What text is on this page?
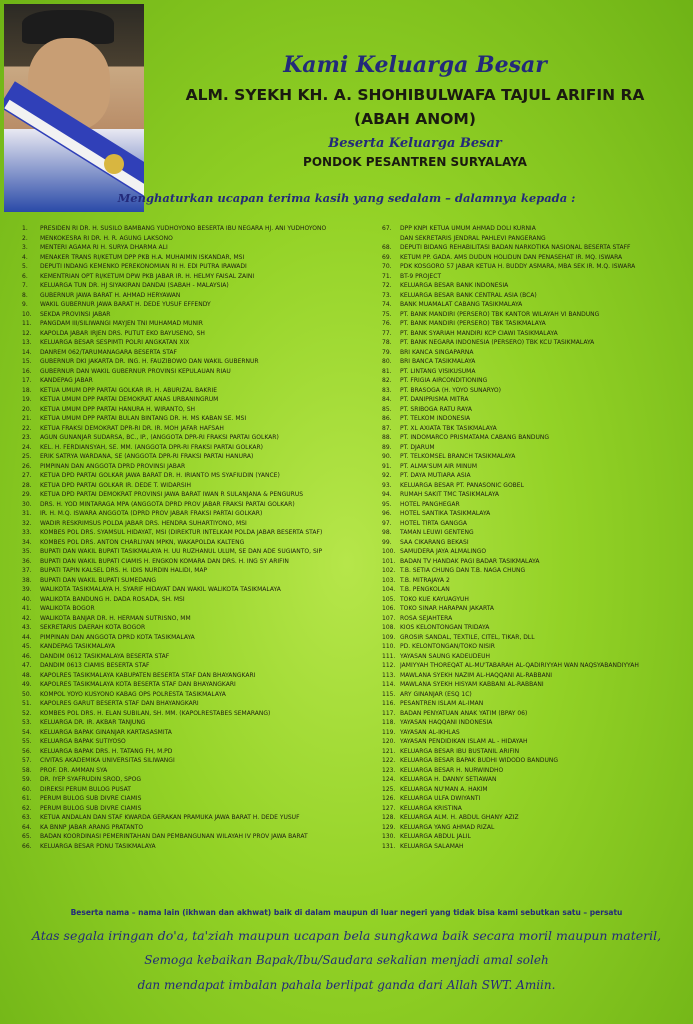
Kami Keluarga Besar
ALM. SYEKH KH. A. SHOHIBULWAFA TAJUL ARIFIN RA
(ABAH ANOM)
Beserta Keluarga Besar
PONDOK PESANTREN SURYALAYA
Menghaturkan ucapan terima kasih yang sedalam – dalamnya kepada :
1.	PRESIDEN RI DR. H. SUSILO BAMBANG YUDHOYONO BESERTA IBU NEGARA HJ. ANI YUDHOYONO
2.	MENKOKESRA RI DR. H. R. AGUNG LAKSONO
3.	MENTERI AGAMA RI H. SURYA DHARMA ALI
4.	MENAKER TRANS RI/KETUM DPP PKB H.A. MUHAIMIN ISKANDAR, MSI
5.	DEPUTI INDANG KEMENKO PEREKONOMIAN RI H. EDI PUTRA IRAWADI
6.	KEMENTRIAN OPT RI/KETUM DPW PKB JABAR IR. H. HELMY FAISAL ZAINI
7.	KELUARGA TUN DR. HJ SIYAKIRAN DANDAI (SABAH - MALAYSIA)
8.	GUBERNUR JAWA BARAT H. AHMAD HERYAWAN
9.	WAKIL GUBERNUR JAWA BARAT H. DEDE YUSUF EFFENDY
10.	SEKDA PROVINSI JABAR
11.	PANGDAM III/SILIWANGI MAYJEN TNI MUHAMAD MUNIR
12.	KAPOLDA JABAR IRJEN DRS. PUTUT EKO BAYUSENO, SH
13.	KELUARGA BESAR SESPIMTI POLRI ANGKATAN XIX
14.	DANREM 062/TARUMANAGARA BESERTA STAF
15.	GUBERNUR DKI JAKARTA DR. ING. H. FAUZIBOWO DAN WAKIL GUBERNUR
16.	GUBERNUR DAN WAKIL GUBERNUR PROVINSI KEPULAUAN RIAU
17.	KANDEPAG JABAR
18.	KETUA UMUM DPP PARTAI GOLKAR IR. H. ABURIZAL BAKRIE
19.	KETUA UMUM DPP PARTAI DEMOKRAT ANAS URBANINGRUM
20.	KETUA UMUM DPP PARTAI HANURA H. WIRANTO, SH
21.	KETUA UMUM DPP PARTAI BULAN BINTANG DR. H. MS KABAN SE. MSI
22.	KETUA FRAKSI DEMOKRAT DPR-RI DR. IR. MOH JAFAR HAFSAH
23.	AGUN GUNANJAR SUDARSA, BC., IP., (ANGGOTA DPR-RI FRAKSI PARTAI GOLKAR)
24.	KEL. H. FERDIANSYAH, SE. MM. (ANGGOTA DPR-RI FRAKSI PARTAI GOLKAR)
25.	ERIK SATRYA WARDANA, SE (ANGGOTA DPR-RI FRAKSI PARTAI HANURA)
26.	PIMPINAN DAN ANGGOTA DPRD PROVINSI JABAR
27.	KETUA DPD PARTAI GOLKAR JAWA BARAT DR. H. IRIANTO MS SYAFIUDIN (YANCE)
28.	KETUA DPD PARTAI GOLKAR IR. DEDE T. WIDARSIH
29.	KETUA DPD PARTAI DEMOKRAT PROVINSI JAWA BARAT IWAN R SULANJANA & PENGURUS
30.	DRS. H. YOD MINTARAGA MPA (ANGGOTA DPRD PROV JABAR FRAKSI PARTAI GOLKAR)
31.	IR. H. M.Q. ISWARA ANGGOTA (DPRD PROV JABAR FRAKSI PARTAI GOLKAR)
32.	WADIR RESKRIMSUS POLDA JABAR DRS. HENDRA SUHARTIYONO, MSI
33.	KOMBES POL DRS. SYAMSUL HIDAYAT, MSI (DIREKTUR INTELKAM POLDA JABAR BESERTA STAF)
34.	KOMBES POL DRS. ANTON CHARLIYAN MPKN, WAKAPOLDA KALTENG
35.	BUPATI DAN WAKIL BUPATI TASIKMALAYA H. UU RUZHANUL ULUM, SE DAN ADE SUGIANTO, SIP
36.	BUPATI DAN WAKIL BUPATI CIAMIS H. ENGKON KOMARA DAN DRS. H. ING SY ARIFIN
37.	BUPATI TAPIN KALSEL DRS. H. IDIS NURDIN HALIDI, MAP
38.	BUPATI DAN WAKIL BUPATI SUMEDANG
39.	WALIKOTA TASIKMALAYA H. SYARIF HIDAYAT DAN WAKIL WALIKOTA TASIKMALAYA
40.	WALIKOTA BANDUNG H. DADA ROSADA, SH. MSI
41.	WALIKOTA BOGOR
42.	WALIKOTA BANJAR DR. H. HERMAN SUTRISNO, MM
43.	SEKRETARIS DAERAH KOTA BOGOR
44.	PIMPINAN DAN ANGGOTA DPRD KOTA TASIKMALAYA
45.	KANDEPAG TASIKMALAYA
46.	DANDIM 0612 TASIKMALAYA BESERTA STAF
47.	DANDIM 0613 CIAMIS BESERTA STAF
48.	KAPOLRES TASIKMALAYA KABUPATEN BESERTA STAF DAN BHAYANGKARI
49.	KAPOLRES TASIKMALAYA KOTA BESERTA STAF DAN BHAYANGKARI
50.	KOMPOL YOYO KUSYONO KABAG OPS POLRESTA TASIKMALAYA
51.	KAPOLRES GARUT BESERTA STAF DAN BHAYANGKARI
52.	KOMBES POL DRS. H. ELAN SUBILAN, SH. MM. (KAPOLRESTABES SEMARANG)
53.	KELUARGA DR. IR. AKBAR TANJUNG
54.	KELUARGA BAPAK GINANJAR KARTASASMITA
55.	KELUARGA BAPAK SUTIYOSO
56.	KELUARGA BAPAK DRS. H. TATANG FH, M.PD
57.	CIVITAS AKADEMIKA UNIVERSITAS SILIWANGI
58.	PROF. DR. AMMAN SYA
59.	DR. IYEP SYAFRUDIN SROD, SPOG
60.	DIREKSI PERUM BULOG PUSAT
61.	PERUM BULOG SUB DIVRE CIAMIS
62.	PERUM BULOG SUB DIVRE CIAMIS
63.	KETUA ANDALAN DAN STAF KWARDA GERAKAN PRAMUKA JAWA BARAT H. DEDE YUSUF
64.	KA BNNP JABAR ARANG PRATANTO
65.	BADAN KOORDINASI PEMERINTAHAN DAN PEMBANGUNAN WILAYAH IV PROV JAWA BARAT
66.	KELUARGA BESAR PDNU TASIKMALAYA
67.	DPP KNPI KETUA UMUM AHMAD DOLI KURNIA
DAN SEKRETARIS JENDRAL PAHLEVI PANGERANG
68.	DEPUTI BIDANG REHABILITASI BADAN NARKOTIKA NASIONAL BESERTA STAFF
69.	KETUM PP. GADA. AMS DUDUN HOLIDUN DAN PENASEHAT IR. MQ. ISWARA
70.	PDK KOSGORO 57 JABAR KETUA H. BUDDY ASMARA, MBA SEK IR. M.Q. ISWARA
71.	BT-9 PROJECT
72.	KELUARGA BESAR BANK INDONESIA
73.	KELUARGA BESAR BANK CENTRAL ASIA (BCA)
74.	BANK MUAMALAT CABANG TASIKMALAYA
75.	PT. BANK MANDIRI (PERSERO) TBK KANTOR WILAYAH VI BANDUNG
76.	PT. BANK MANDIRI (PERSERO) TBK TASIKMALAYA
77.	PT. BANK SYARIAH MANDIRI KCP CIAWI TASIKMALAYA
78.	PT. BANK NEGARA INDONESIA (PERSERO) TBK KCU TASIKMALAYA
79.	BRI KANCA SINGAPARNA
80.	BRI BANCA TASIKMALAYA
81.	PT. LINTANG VISIKUSUMA
82.	PT. FRIGIA AIRCONDITIONING
83.	PT. BRASOGA (H. YOYO SUNARYO)
84.	PT. DANIPRISMA MITRA
85.	PT. SRIBOGA RATU RAYA
86.	PT. TELKOM INDONESIA
87.	PT. XL AXIATA TBK TASIKMALAYA
88.	PT. INDOMARCO PRISMATAMA CABANG BANDUNG
89.	PT. DJARUM
90.	PT. TELKOMSEL BRANCH TASIKMALAYA
91.	PT. ALMA'SUM AIR MINUM
92.	PT. DAYA MUTIARA ASIA
93.	KELUARGA BESAR PT. PANASONIC GOBEL
94.	RUMAH SAKIT TMC TASIKMALAYA
95.	HOTEL PANGHEGAR
96.	HOTEL SANTIKA TASIKMALAYA
97.	HOTEL TIRTA GANGGA
98.	TAMAN LEUWI GENTENG
99.	SAA CIKARANG BEKASI
100. SAMUDERA JAYA ALMALINGO
101. BADAN TV HANDAK PAGI BADAR TASIKMALAYA
102. T.B. SETIA CHUNG DAN T.B. NAGA CHUNG
103. T.B. MITRAJAYA 2
104. T.B. PENGKOLAN
105. TOKO KUE KAYUAGYUH
106. TOKO SINAR HARAPAN JAKARTA
107. ROSA SEJAHTERA
108. KIOS KELONTONGAN TRIDAYA
109. GROSIR SANDAL, TEXTILE, CITEL, TIKAR, DLL
110. PD. KELONTONGAN/TOKO NISIR
111. YAYASAN SAUNG KADEUDEUH
112. JAMIYYAH THOREQAT AL-MU'TABARAH AL-QADIRIYYAH WAN NAQSYABANDIYYAH
113. MAWLANA SYEKH NAZIM AL-HAQQANI AL-RABBANI
114. MAWLANA SYEKH HISYAM KABBANI AL-RABBANI
115. ARY GINANJAR (ESQ 1C)
116. PESANTREN ISLAM AL-IMAN
117. BADAN PENYATUAN ANAK YATIM (BPAY 06)
118. YAYASAN HAQQANI INDONESIA
119. YAYASAN AL-IKHLAS
120. YAYASAN PENDIDIKAN ISLAM AL - HIDAYAH
121. KELUARGA BESAR IBU BUSTANIL ARIFIN
122. KELUARGA BESAR BAPAK BUDHI WIDODO BANDUNG
123. KELUARGA BESAR H. NURWINDHO
124. KELUARGA H. DANNY SETIAWAN
125. KELUARGA NU'MAN A. HAKIM
126. KELUARGA ULFA DWIYANTI
127. KELUARGA KRISTINA
128. KELUARGA ALM. H. ABDUL GHANY AZIZ
129. KELUARGA YANG AHMAD RIZAL
130. KELUARGA ABDUL JALIL
131. KELUARGA SALAMAH
Beserta nama – nama lain (ikhwan dan akhwat) baik di dalam maupun di luar negeri yang tidak bisa kami sebutkan satu – persatu
Atas segala iringan do'a, ta'ziah maupun ucapan bela sungkawa baik secara moril maupun materil,
Semoga kebaikan Bapak/Ibu/Saudara sekalian menjadi amal soleh
dan mendapat imbalan pahala berlipat ganda dari Allah SWT. Amiin.
